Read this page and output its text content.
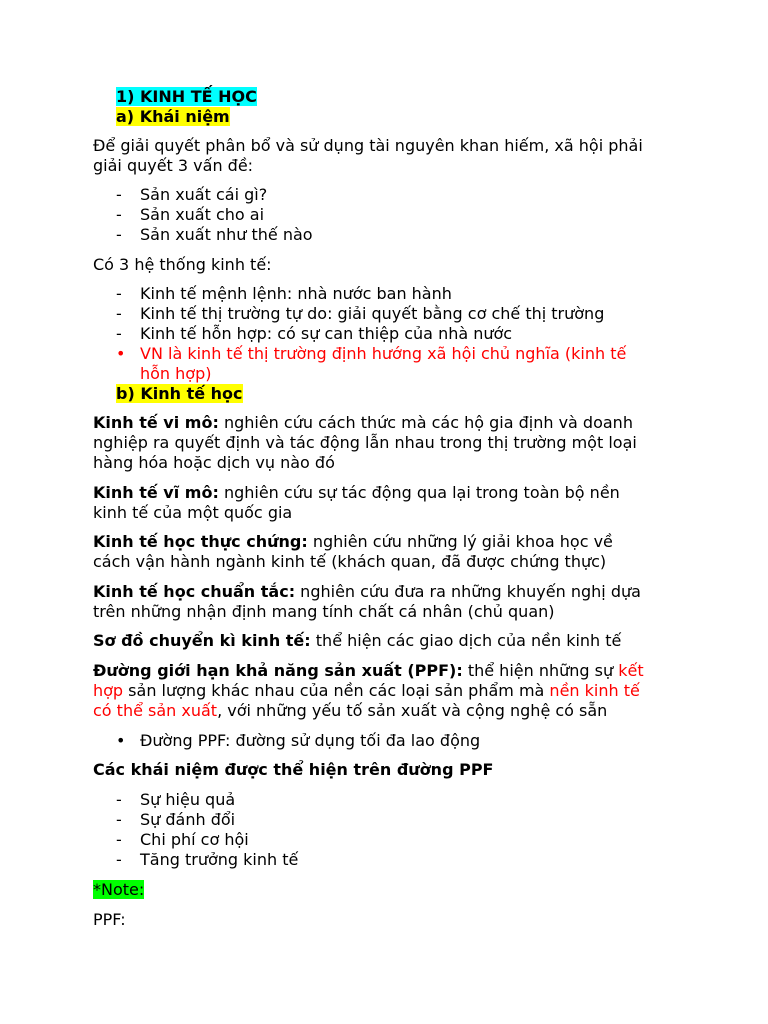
1) KINH TẾ HỌC
a) Khái niệm
Để giải quyết phân bổ và sử dụng tài nguyên khan hiếm, xã hội phải
giải quyết 3 vấn đề:
- Sản xuất cái gì?
- Sản xuất cho ai
- Sản xuất như thế nào
Có 3 hệ thống kinh tế:
- Kinh tế mệnh lệnh: nhà nước ban hành
- Kinh tế thị trường tự do: giải quyết bằng cơ chế thị trường
- Kinh tế hỗn hợp: có sự can thiệp của nhà nước
• VN là kinh tế thị trường định hướng xã hội chủ nghĩa (kinh tế
hỗn hợp)
b) Kinh tế học
Kinh tế vi mô: nghiên cứu cách thức mà các hộ gia định và doanh
nghiệp ra quyết định và tác động lẫn nhau trong thị trường một loại
hàng hóa hoặc dịch vụ nào đó
Kinh tế vĩ mô: nghiên cứu sự tác động qua lại trong toàn bộ nền
kinh tế của một quốc gia
Kinh tế học thực chứng: nghiên cứu những lý giải khoa học về
cách vận hành ngành kinh tế (khách quan, đã được chứng thực)
Kinh tế học chuẩn tắc: nghiên cứu đưa ra những khuyến nghị dựa
trên những nhận định mang tính chất cá nhân (chủ quan)
Sơ đồ chuyển kì kinh tế: thể hiện các giao dịch của nền kinh tế
Đường giới hạn khả năng sản xuất (PPF): thể hiện những sự kết
hợp sản lượng khác nhau của nền các loại sản phẩm mà nền kinh tế
có thể sản xuất, với những yếu tố sản xuất và cộng nghệ có sẵn
• Đường PPF: đường sử dụng tối đa lao động
Các khái niệm được thể hiện trên đường PPF
- Sự hiệu quả
- Sự đánh đổi
- Chi phí cơ hội
- Tăng trưởng kinh tế
*Note:
PPF:
